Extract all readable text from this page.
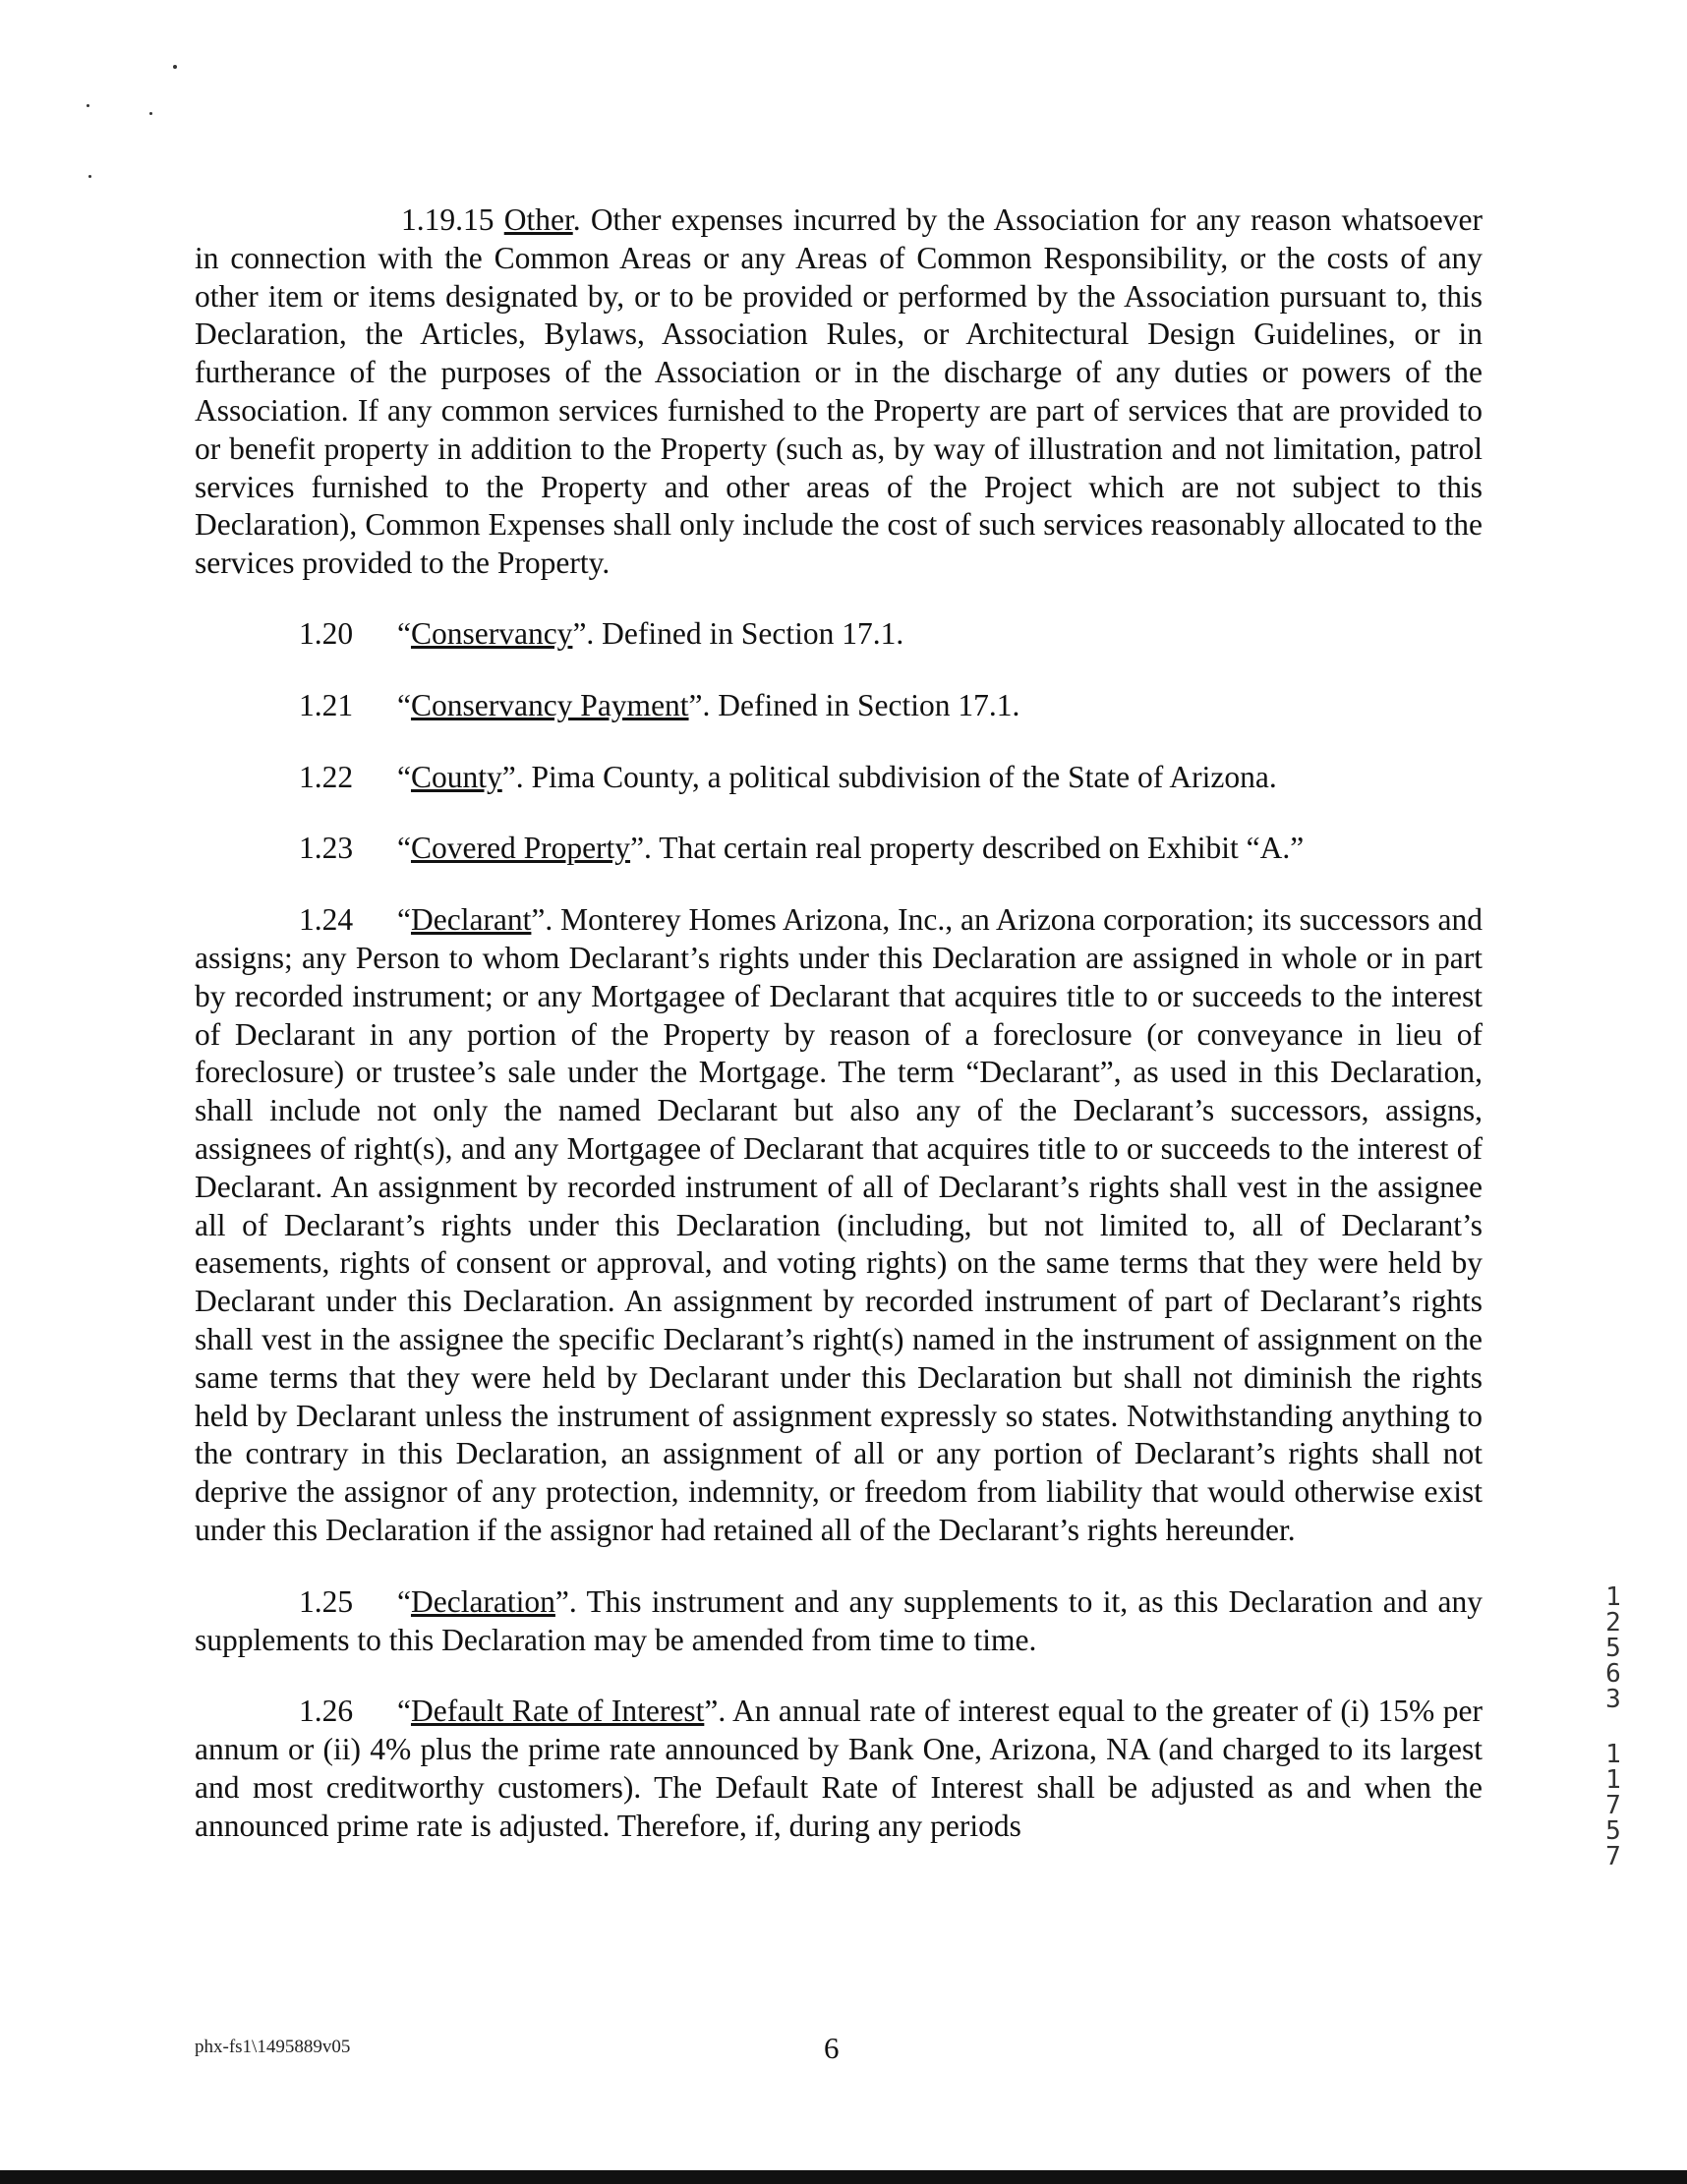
1.19.15 Other. Other expenses incurred by the Association for any reason whatsoever in connection with the Common Areas or any Areas of Common Responsibility, or the costs of any other item or items designated by, or to be provided or performed by the Association pursuant to, this Declaration, the Articles, Bylaws, Association Rules, or Architectural Design Guidelines, or in furtherance of the purposes of the Association or in the discharge of any duties or powers of the Association. If any common services furnished to the Property are part of services that are provided to or benefit property in addition to the Property (such as, by way of illustration and not limitation, patrol services furnished to the Property and other areas of the Project which are not subject to this Declaration), Common Expenses shall only include the cost of such services reasonably allocated to the services provided to the Property.

1.20 “Conservancy”. Defined in Section 17.1.

1.21 “Conservancy Payment”. Defined in Section 17.1.

1.22 “County”. Pima County, a political subdivision of the State of Arizona.

1.23 “Covered Property”. That certain real property described on Exhibit “A.”

1.24 “Declarant”. Monterey Homes Arizona, Inc., an Arizona corporation; its successors and assigns; any Person to whom Declarant’s rights under this Declaration are assigned in whole or in part by recorded instrument; or any Mortgagee of Declarant that acquires title to or succeeds to the interest of Declarant in any portion of the Property by reason of a foreclosure (or conveyance in lieu of foreclosure) or trustee’s sale under the Mortgage. The term “Declarant”, as used in this Declaration, shall include not only the named Declarant but also any of the Declarant’s successors, assigns, assignees of right(s), and any Mortgagee of Declarant that acquires title to or succeeds to the interest of Declarant. An assignment by recorded instrument of all of Declarant’s rights shall vest in the assignee all of Declarant’s rights under this Declaration (including, but not limited to, all of Declarant’s easements, rights of consent or approval, and voting rights) on the same terms that they were held by Declarant under this Declaration. An assignment by recorded instrument of part of Declarant’s rights shall vest in the assignee the specific Declarant’s right(s) named in the instrument of assignment on the same terms that they were held by Declarant under this Declaration but shall not diminish the rights held by Declarant unless the instrument of assignment expressly so states. Notwithstanding anything to the contrary in this Declaration, an assignment of all or any portion of Declarant’s rights shall not deprive the assignor of any protection, indemnity, or freedom from liability that would otherwise exist under this Declaration if the assignor had retained all of the Declarant’s rights hereunder.

1.25 “Declaration”. This instrument and any supplements to it, as this Declaration and any supplements to this Declaration may be amended from time to time.

1.26 “Default Rate of Interest”. An annual rate of interest equal to the greater of (i) 15% per annum or (ii) 4% plus the prime rate announced by Bank One, Arizona, NA (and charged to its largest and most creditworthy customers). The Default Rate of Interest shall be adjusted as and when the announced prime rate is adjusted. Therefore, if, during any periods

1
2
5
6
3
1
1
7
5
7
phx-fs1\1495889v05	6
